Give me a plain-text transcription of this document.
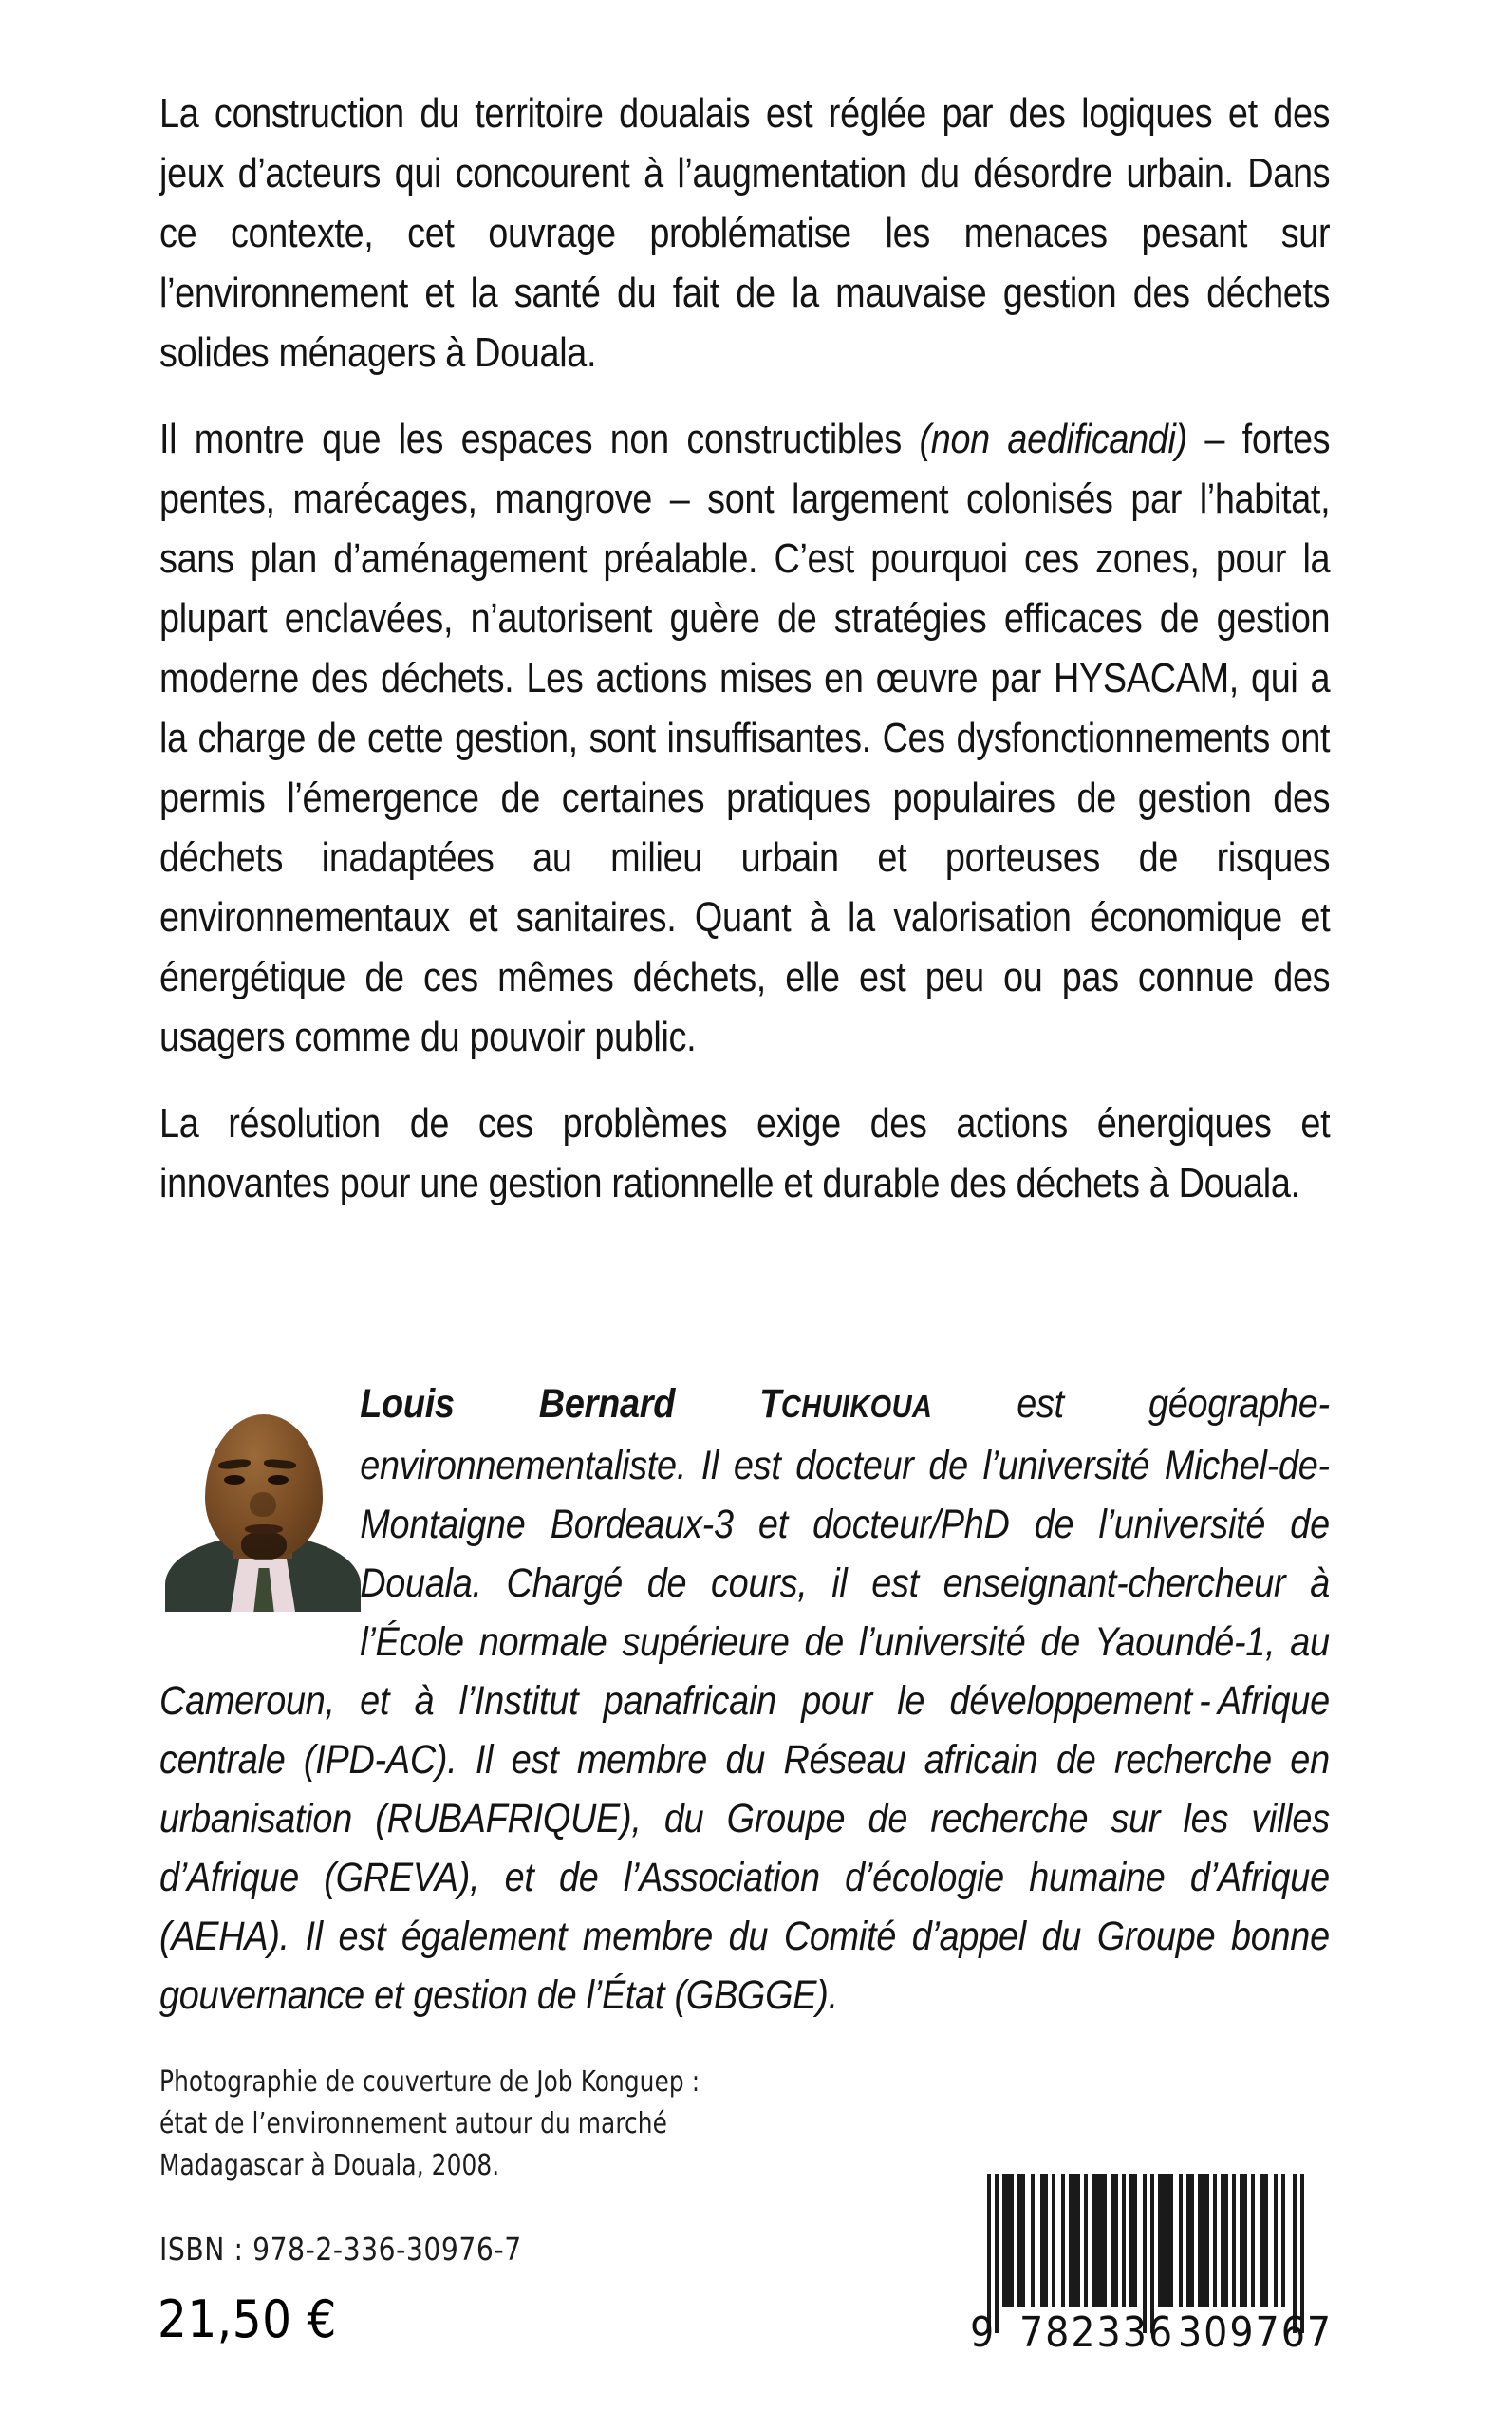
La construction du territoire doualais est réglée par des logiques et des jeux d’acteurs qui concourent à l’augmentation du désordre urbain. Dans ce contexte, cet ouvrage problématise les menaces pesant sur l’environnement et la santé du fait de la mauvaise gestion des déchets solides ménagers à Douala.

Il montre que les espaces non constructibles (non aedificandi) – fortes pentes, marécages, mangrove – sont largement colonisés par l’habitat, sans plan d’aménagement préalable. C’est pourquoi ces zones, pour la plupart enclavées, n’autorisent guère de stratégies efficaces de gestion moderne des déchets. Les actions mises en œuvre par HYSACAM, qui a la charge de cette gestion, sont insuffisantes. Ces dysfonctionnements ont permis l’émergence de certaines pratiques populaires de gestion des déchets inadaptées au milieu urbain et porteuses de risques environnementaux et sanitaires. Quant à la valorisation économique et énergétique de ces mêmes déchets, elle est peu ou pas connue des usagers comme du pouvoir public.

La résolution de ces problèmes exige des actions énergiques et innovantes pour une gestion rationnelle et durable des déchets à Douala.

Louis Bernard TCHUIKOUA est géographe-environnementaliste. Il est docteur de l’université Michel-de-Montaigne Bordeaux-3 et docteur/PhD de l’université de Douala. Chargé de cours, il est enseignant-chercheur à l’École normale supérieure de l’université de Yaoundé-1, au Cameroun, et à l’Institut panafricain pour le développement - Afrique centrale (IPD-AC). Il est membre du Réseau africain de recherche en urbanisation (RUBAFRIQUE), du Groupe de recherche sur les villes d’Afrique (GREVA), et de l’Association d’écologie humaine d’Afrique (AEHA). Il est également membre du Comité d’appel du Groupe bonne gouvernance et gestion de l’État (GBGGE).

Photographie de couverture de Job Konguep :
état de l’environnement autour du marché
Madagascar à Douala, 2008.
ISBN : 978-2-336-30976-7
21,50 €	9 782336 309767
